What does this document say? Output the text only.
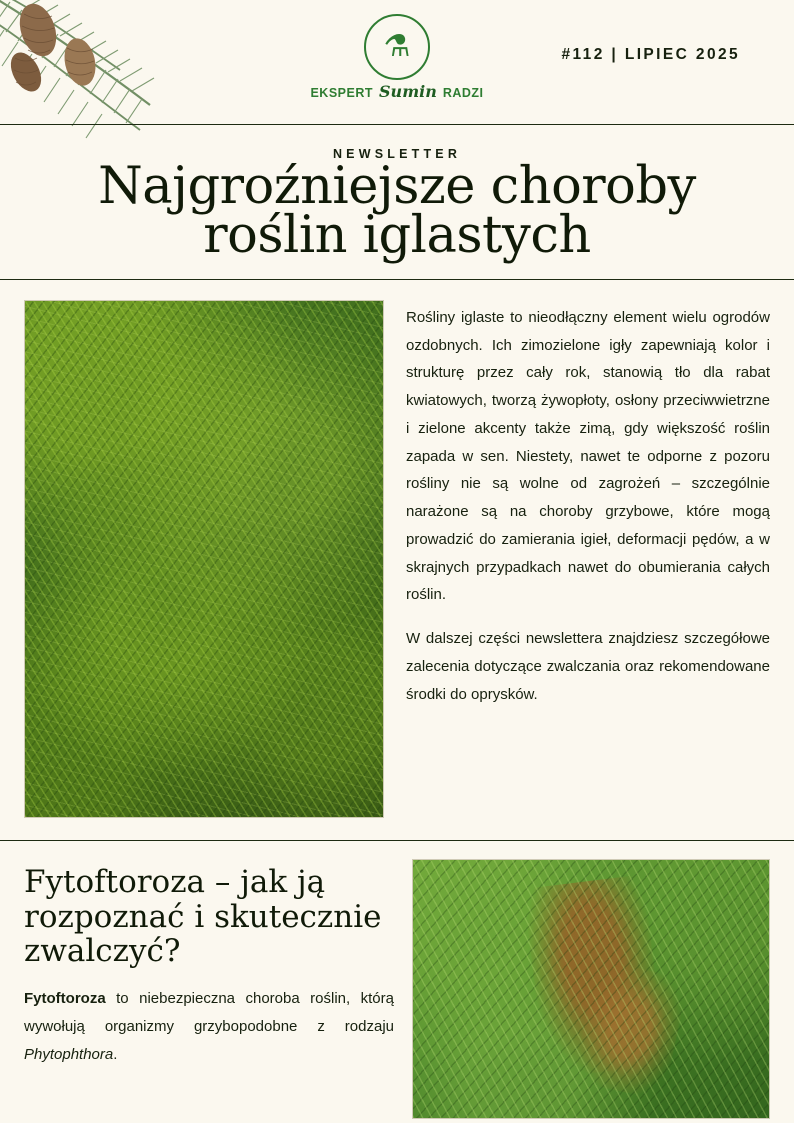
⚗
EKSPERT Sumin RADZI
#112 | LIPIEC 2025
NEWSLETTER
Najgroźniejsze choroby
roślin iglastych

Rośliny iglaste to nieodłączny element wielu ogrodów ozdobnych. Ich zimozielone igły zapewniają kolor i strukturę przez cały rok, stanowią tło dla rabat kwiatowych, tworzą żywopłoty, osłony przeciwwietrzne i zielone akcenty także zimą, gdy większość roślin zapada w sen. Niestety, nawet te odporne z pozoru rośliny nie są wolne od zagrożeń – szczególnie narażone są na choroby grzybowe, które mogą prowadzić do zamierania igieł, deformacji pędów, a w skrajnych przypadkach nawet do obumierania całych roślin.

W dalszej części newslettera znajdziesz szczegółowe zalecenia dotyczące zwalczania oraz rekomendowane środki do oprysków.

Fytoftoroza – jak ją rozpoznać i skutecznie zwalczyć?

Fytoftoroza to niebezpieczna choroba roślin, którą wywołują organizmy grzybopodobne z rodzaju Phytophthora.
